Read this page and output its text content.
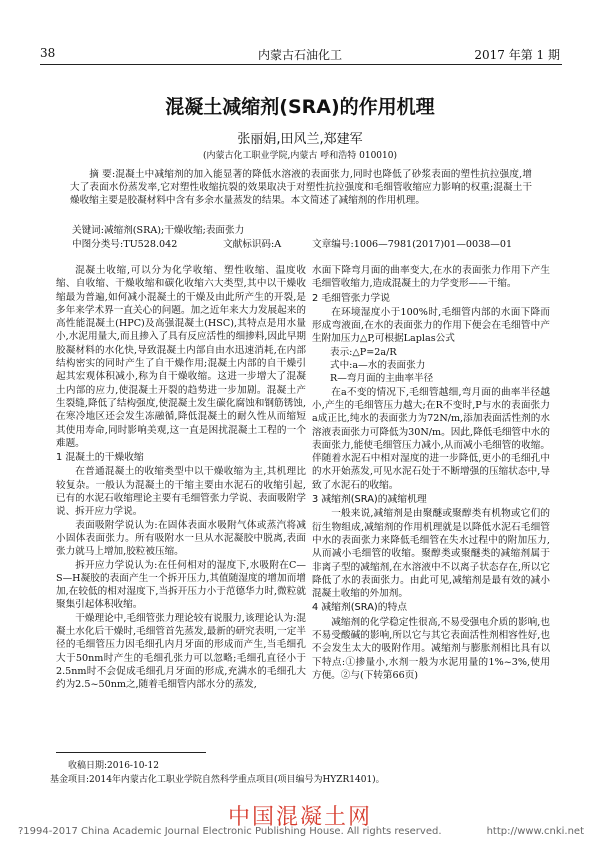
38	内蒙古石油化工	2017 年第 1 期
混凝土减缩剂(SRA)的作用机理
张丽娟,田风兰,郑建军
(内蒙古化工职业学院,内蒙古 呼和浩特 010010)
摘 要:混凝土中减缩剂的加入能显著的降低水溶液的表面张力,同时也降低了砂浆表面的塑性抗拉强度,增大了表面水份蒸发率,它对塑性收缩抗裂的效果取决于对塑性抗拉强度和毛细管收缩应力影响的权重;混凝土干燥收缩主要是胶凝材料中含有多余水量蒸发的结果。本文简述了减缩剂的作用机理。
关键词:减缩剂(SRA);干燥收缩;表面张力
中图分类号:TU528.042	文献标识码:A	文章编号:1006—7981(2017)01—0038—01

混凝土收缩,可以分为化学收缩、塑性收缩、温度收缩、自收缩、干燥收缩和碳化收缩六大类型,其中以干燥收缩最为普遍,如何减小混凝土的干燥及由此所产生的开裂,是多年来学术界一直关心的问题。加之近年来大力发展起来的高性能混凝土(HPC)及高强混凝土(HSC),其特点是用水量小,水泥用量大,而且掺入了具有反应活性的细掺料,因此早期胶凝材料的水化快,导致混凝土内部自由水迅速消耗,在内部结构密实的同时产生了自干燥作用;混凝土内部的自干燥引起其宏观体积减小,称为自干燥收缩。这进一步增大了混凝土内部的应力,使混凝土开裂的趋势进一步加剧。混凝土产生裂缝,降低了结构强度,使混凝土发生碳化腐蚀和钢筋锈蚀,在寒冷地区还会发生冻融循,降低混凝土的耐久性从而缩短其使用寿命,同时影响美观,这一直是困扰混凝土工程的一个难题。

1 混凝土的干燥收缩

在普通混凝土的收缩类型中以干燥收缩为主,其机理比较复杂。一般认为混凝土的干缩主要由水泥石的收缩引起,已有的水泥石收缩理论主要有毛细管张力学说、表面吸附学说、拆开应力学说。

表面吸附学说认为:在固体表面水吸附气体或蒸汽将减小固体表面张力。所有吸附水一旦从水泥凝胶中脱离,表面张力就马上增加,胶粒被压缩。

拆开应力学说认为:在任何相对的湿度下,水吸附在C—S—H凝胶的表面产生一个拆开压力,其值随湿度的增加而增加,在较低的相对湿度下,当拆开压力小于范德华力时,微粒就聚集引起体积收缩。

干燥理论中,毛细管张力理论较有说服力,该理论认为:混凝土水化后干燥时,毛细管首先蒸发,最新的研究表明,一定半径的毛细管压力因毛细孔内月牙面的形成而产生,当毛细孔大于50nm时产生的毛细孔张力可以忽略;毛细孔直径小于2.5nm时不会促成毛细孔月牙面的形成,充满水的毛细孔大约为2.5~50nm之,随着毛细管内部水分的蒸发,

水面下降弯月面的曲率变大,在水的表面张力作用下产生毛细管收缩力,造成混凝土的力学变形——干缩。

2 毛细管张力学说

在环境湿度小于100%时,毛细管内部的水面下降而形成弯液面,在水的表面张力的作用下便会在毛细管中产生附加压力△P,可根据Laplas公式

表示:△P=2a/R

式中:a—水的表面张力

R—弯月面的主曲率半径

在a不变的情况下,毛细管越细,弯月面的曲率半径越小,产生的毛细管压力越大;在R不变时,P与水的表面张力a成正比,纯水的表面张力为72N/m,添加表面活性剂的水溶液表面张力可降低为30N/m。因此,降低毛细管中水的表面张力,能使毛细管压力减小,从而减小毛细管的收缩。伴随着水泥石中相对湿度的进一步降低,更小的毛细孔中的水开始蒸发,可见水泥石处于不断增强的压缩状态中,导致了水泥石的收缩。

3 减缩剂(SRA)的减缩机理

一般来说,减缩剂是由聚醚或聚醇类有机物或它们的衍生物组成,减缩剂的作用机理就是以降低水泥石毛细管中水的表面张力来降低毛细管在失水过程中的附加压力,从而减小毛细管的收缩。聚醇类或聚醚类的减缩剂属于非离子型的减缩剂,在水溶液中不以离子状态存在,所以它降低了水的表面张力。由此可见,减缩剂是最有效的减小混凝土收缩的外加剂。

4 减缩剂(SRA)的特点

减缩剂的化学稳定性很高,不易受强电介质的影响,也不易受酸碱的影响,所以它与其它表面活性剂相容性好,也不会发生太大的吸附作用。减缩剂与膨胀剂相比具有以下特点:①掺量小,水剂一般为水泥用量的1%~3%,使用方便。②与(下转第66页)

收稿日期:2016-10-12
基金项目:2014年内蒙古化工职业学院自然科学重点项目(项目编号为HYZR1401)。
中国混凝土网
?1994-2017 China Academic Journal Electronic Publishing House. All rights reserved.	http://www.cnki.net
